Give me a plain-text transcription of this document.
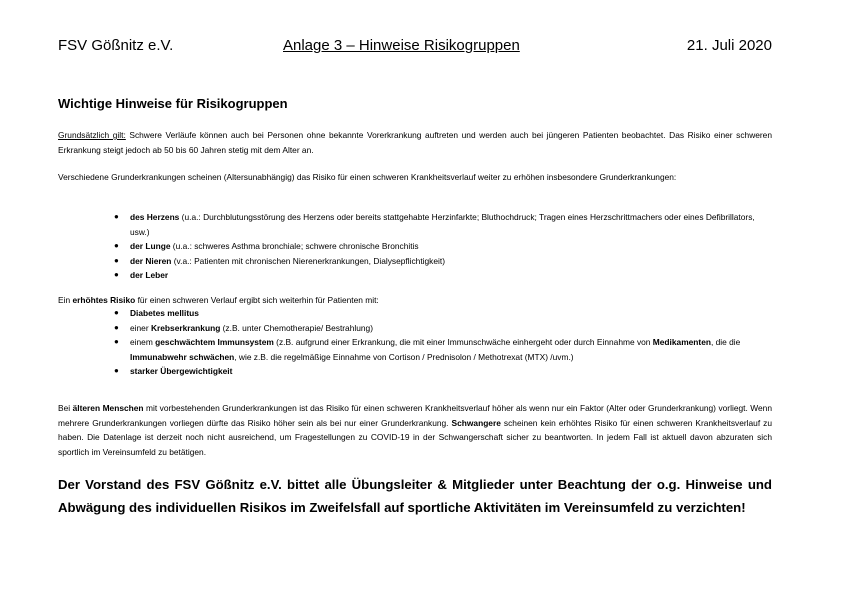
FSV Gößnitz e.V.	Anlage 3 – Hinweise Risikogruppen	21. Juli 2020
Wichtige Hinweise für Risikogruppen
Grundsätzlich gilt: Schwere Verläufe können auch bei Personen ohne bekannte Vorerkrankung auftreten und werden auch bei jüngeren Patienten beobachtet. Das Risiko einer schweren Erkrankung steigt jedoch ab 50 bis 60 Jahren stetig mit dem Alter an.
Verschiedene Grunderkrankungen scheinen (Altersunabhängig) das Risiko für einen schweren Krankheitsverlauf weiter zu erhöhen insbesondere Grunderkrankungen:
● des Herzens (u.a.: Durchblutungsstörung des Herzens oder bereits stattgehabte Herzinfarkte; Bluthochdruck; Tragen eines Herzschrittmachers oder eines Defibrillators, usw.)
● der Lunge (u.a.: schweres Asthma bronchiale; schwere chronische Bronchitis
● der Nieren (v.a.: Patienten mit chronischen Nierenerkrankungen, Dialysepflichtigkeit)
● der Leber
Ein erhöhtes Risiko für einen schweren Verlauf ergibt sich weiterhin für Patienten mit:
● Diabetes mellitus
● einer Krebserkrankung (z.B. unter Chemotherapie/ Bestrahlung)
● einem geschwächtem Immunsystem (z.B. aufgrund einer Erkrankung, die mit einer Immunschwäche einhergeht oder durch Einnahme von Medikamenten, die die Immunabwehr schwächen, wie z.B. die regelmäßige Einnahme von Cortison / Prednisolon / Methotrexat (MTX) /uvm.)
● starker Übergewichtigkeit
Bei älteren Menschen mit vorbestehenden Grunderkrankungen ist das Risiko für einen schweren Krankheitsverlauf höher als wenn nur ein Faktor (Alter oder Grunderkrankung) vorliegt. Wenn mehrere Grunderkrankungen vorliegen dürfte das Risiko höher sein als bei nur einer Grunderkrankung. Schwangere scheinen kein erhöhtes Risiko für einen schweren Krankheitsverlauf zu haben. Die Datenlage ist derzeit noch nicht ausreichend, um Fragestellungen zu COVID-19 in der Schwangerschaft sicher zu beantworten. In jedem Fall ist aktuell davon abzuraten sich sportlich im Vereinsumfeld zu betätigen.
Der Vorstand des FSV Gößnitz e.V. bittet alle Übungsleiter & Mitglieder unter Beachtung der o.g. Hinweise und Abwägung des individuellen Risikos im Zweifelsfall auf sportliche Aktivitäten im Vereinsumfeld zu verzichten!
